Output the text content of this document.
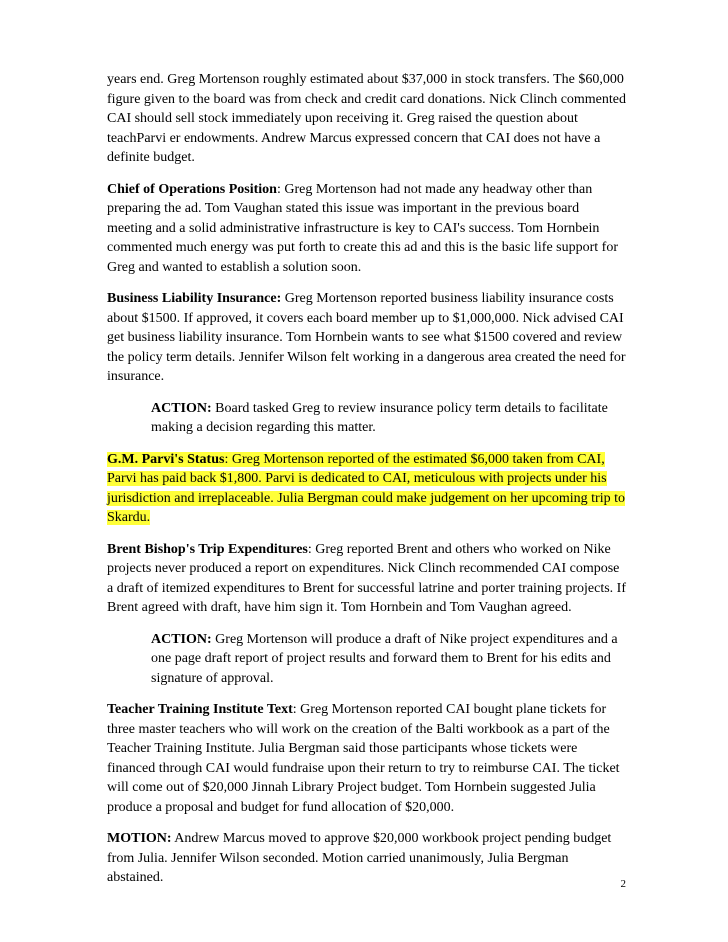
years end. Greg Mortenson roughly estimated about $37,000 in stock transfers. The $60,000 figure given to the board was from check and credit card donations. Nick Clinch commented CAI should sell stock immediately upon receiving it. Greg raised the question about teachParvi er endowments. Andrew Marcus expressed concern that CAI does not have a definite budget.

Chief of Operations Position: Greg Mortenson had not made any headway other than preparing the ad. Tom Vaughan stated this issue was important in the previous board meeting and a solid administrative infrastructure is key to CAI's success. Tom Hornbein commented much energy was put forth to create this ad and this is the basic life support for Greg and wanted to establish a solution soon.

Business Liability Insurance: Greg Mortenson reported business liability insurance costs about $1500. If approved, it covers each board member up to $1,000,000. Nick advised CAI get business liability insurance. Tom Hornbein wants to see what $1500 covered and review the policy term details. Jennifer Wilson felt working in a dangerous area created the need for insurance.

ACTION: Board tasked Greg to review insurance policy term details to facilitate making a decision regarding this matter.

G.M. Parvi's Status: Greg Mortenson reported of the estimated $6,000 taken from CAI, Parvi has paid back $1,800. Parvi is dedicated to CAI, meticulous with projects under his jurisdiction and irreplaceable. Julia Bergman could make judgement on her upcoming trip to Skardu.

Brent Bishop's Trip Expenditures: Greg reported Brent and others who worked on Nike projects never produced a report on expenditures. Nick Clinch recommended CAI compose a draft of itemized expenditures to Brent for successful latrine and porter training projects. If Brent agreed with draft, have him sign it. Tom Hornbein and Tom Vaughan agreed.

ACTION: Greg Mortenson will produce a draft of Nike project expenditures and a one page draft report of project results and forward them to Brent for his edits and signature of approval.

Teacher Training Institute Text: Greg Mortenson reported CAI bought plane tickets for three master teachers who will work on the creation of the Balti workbook as a part of the Teacher Training Institute. Julia Bergman said those participants whose tickets were financed through CAI would fundraise upon their return to try to reimburse CAI. The ticket will come out of $20,000 Jinnah Library Project budget. Tom Hornbein suggested Julia produce a proposal and budget for fund allocation of $20,000.

MOTION: Andrew Marcus moved to approve $20,000 workbook project pending budget from Julia. Jennifer Wilson seconded. Motion carried unanimously, Julia Bergman abstained.	2
